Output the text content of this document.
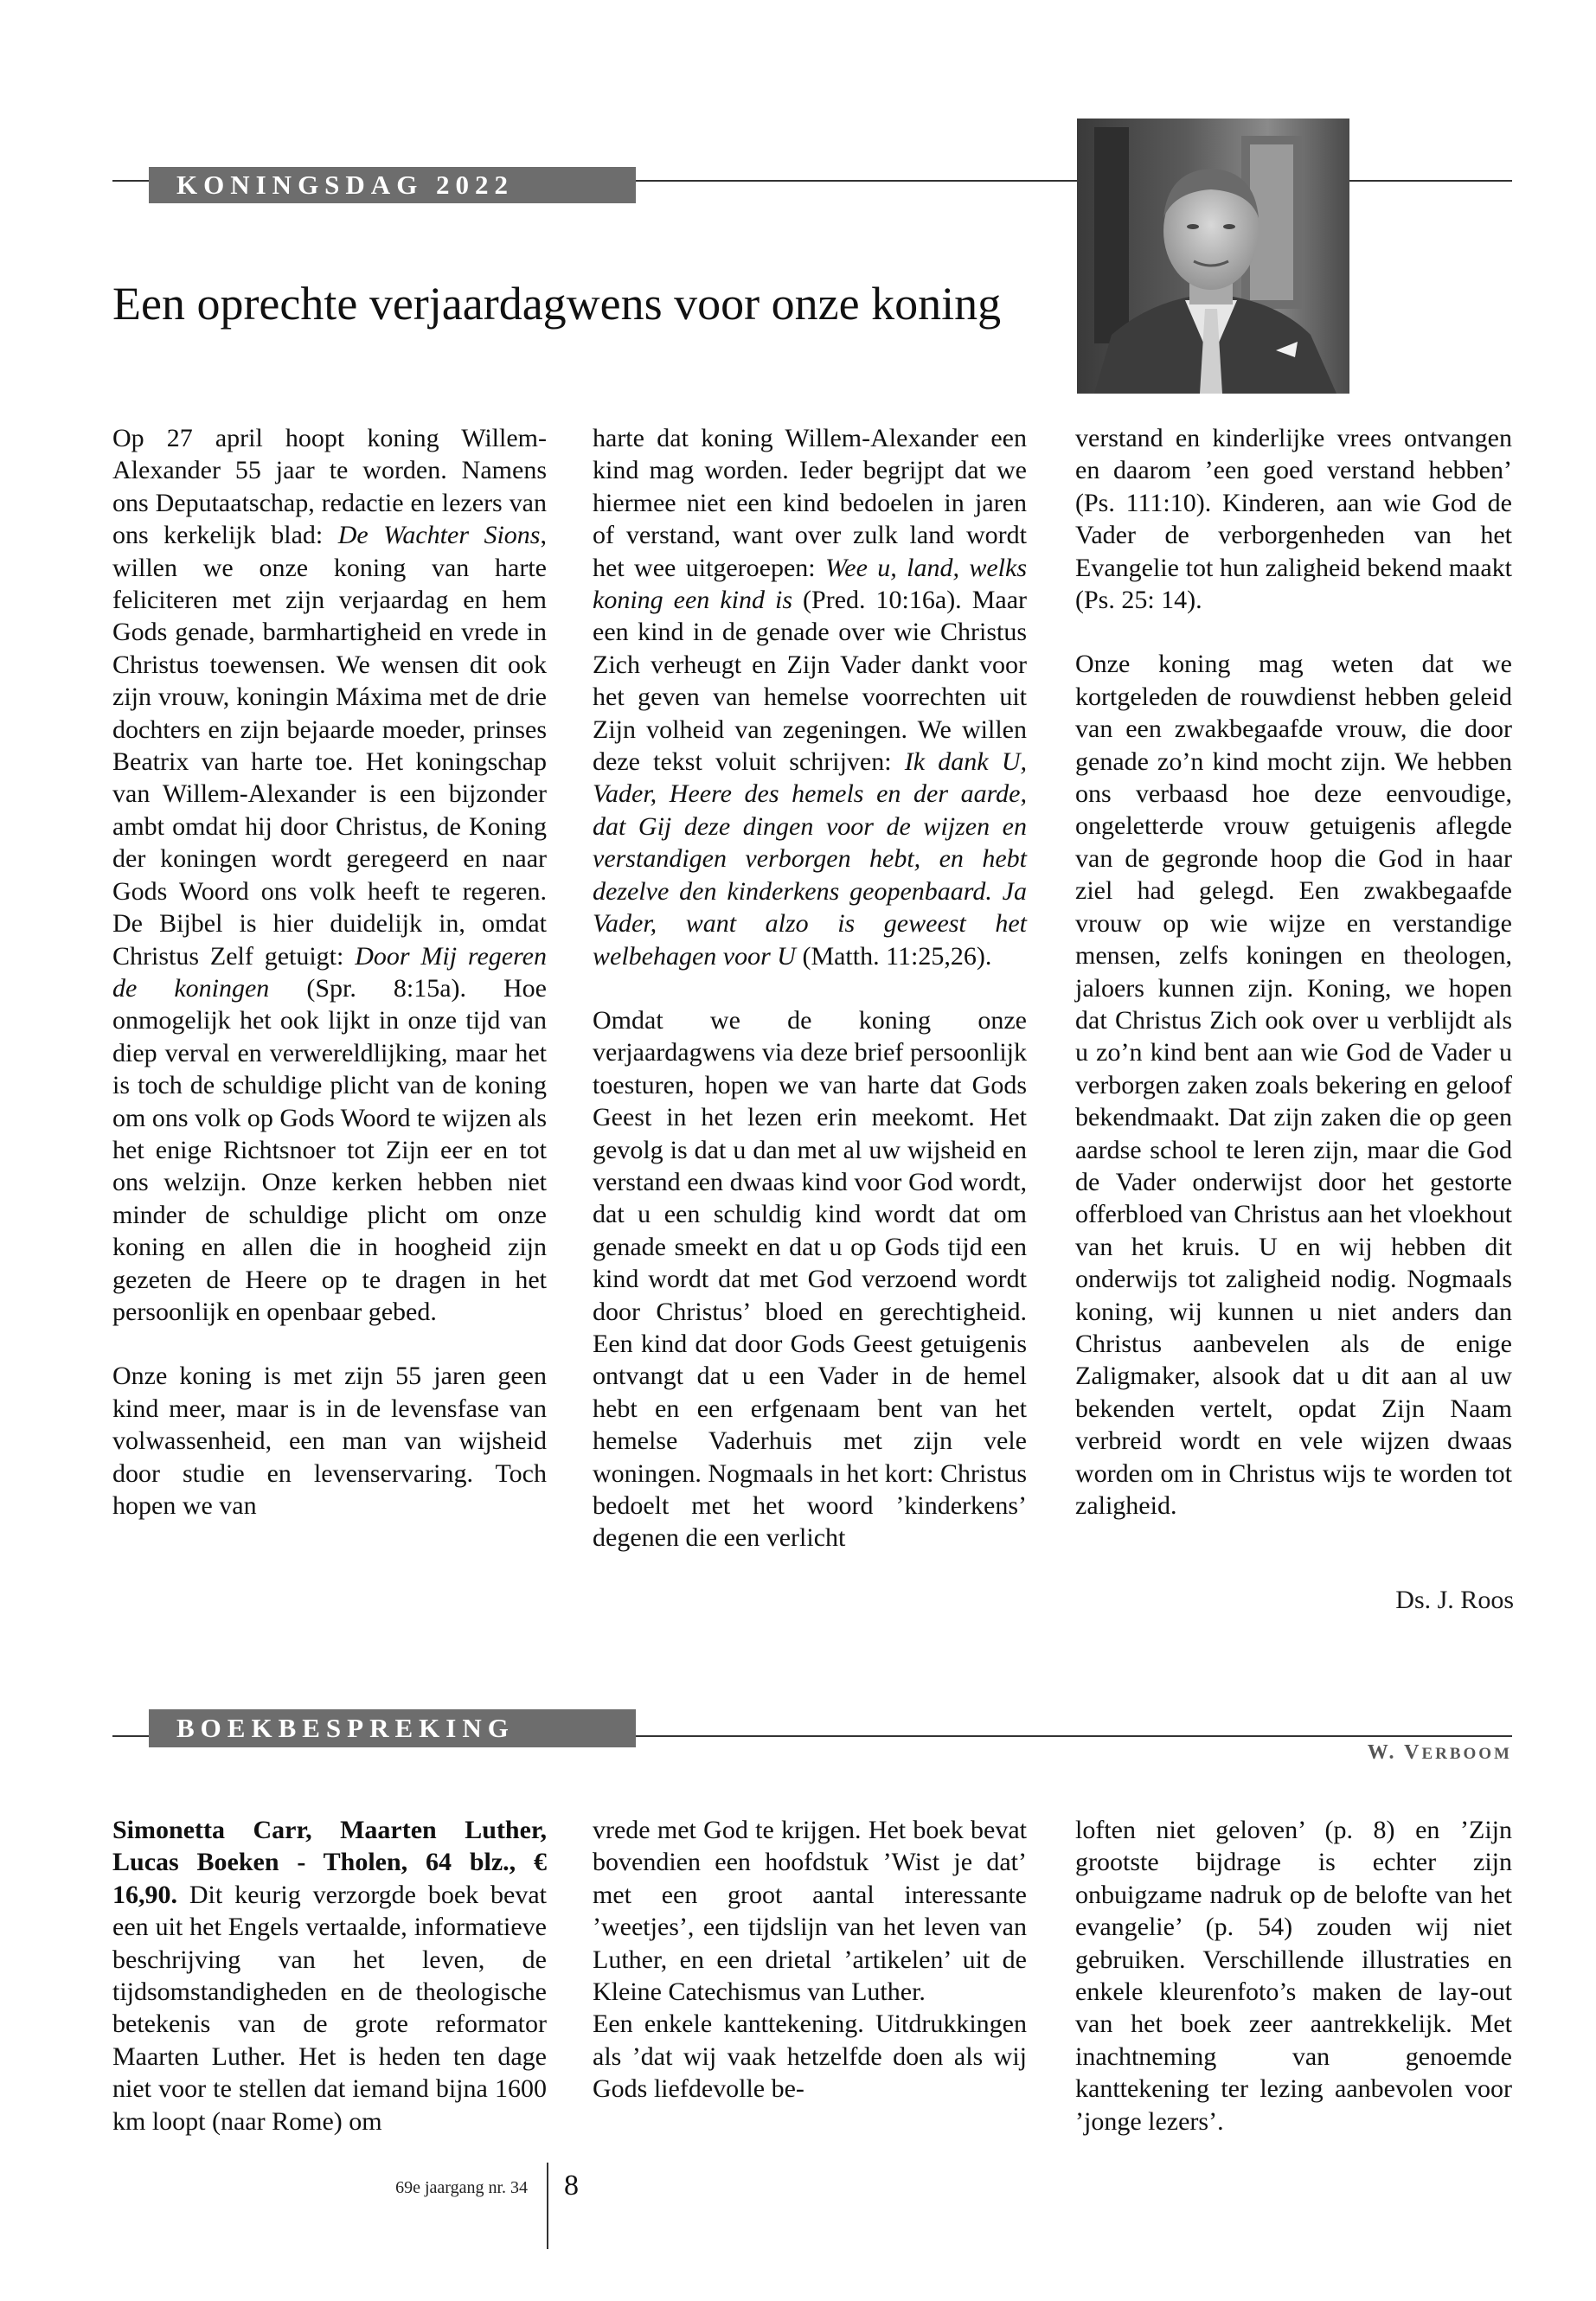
KONINGSDAG 2022
Een oprechte verjaardagwens voor onze koning

Op 27 april hoopt koning Willem-Alexander 55 jaar te worden. Namens ons Deputaatschap, redactie en lezers van ons kerkelijk blad: De Wachter Sions, willen we onze koning van harte feliciteren met zijn verjaardag en hem Gods genade, barmhartigheid en vrede in Christus toewensen. We wensen dit ook zijn vrouw, koningin Máxima met de drie dochters en zijn bejaarde moeder, prinses Beatrix van harte toe. Het koningschap van Willem-Alexander is een bijzonder ambt omdat hij door Christus, de Koning der koningen wordt geregeerd en naar Gods Woord ons volk heeft te regeren. De Bijbel is hier duidelijk in, omdat Christus Zelf getuigt: Door Mij regeren de koningen (Spr. 8:15a). Hoe onmogelijk het ook lijkt in onze tijd van diep verval en verwereldlijking, maar het is toch de schuldige plicht van de koning om ons volk op Gods Woord te wijzen als het enige Richtsnoer tot Zijn eer en tot ons welzijn. Onze kerken hebben niet minder de schuldige plicht om onze koning en allen die in hoogheid zijn gezeten de Heere op te dragen in het persoonlijk en openbaar gebed.

Onze koning is met zijn 55 jaren geen kind meer, maar is in de levensfase van volwassenheid, een man van wijsheid door studie en levenservaring. Toch hopen we van

harte dat koning Willem-Alexander een kind mag worden. Ieder begrijpt dat we hiermee niet een kind bedoelen in jaren of verstand, want over zulk land wordt het wee uitgeroepen: Wee u, land, welks koning een kind is (Pred. 10:16a). Maar een kind in de genade over wie Christus Zich verheugt en Zijn Vader dankt voor het geven van hemelse voorrechten uit Zijn volheid van zegeningen. We willen deze tekst voluit schrijven: Ik dank U, Vader, Heere des hemels en der aarde, dat Gij deze dingen voor de wijzen en verstandigen verborgen hebt, en hebt dezelve den kinderkens geopenbaard. Ja Vader, want alzo is geweest het welbehagen voor U (Matth. 11:25,26).

Omdat we de koning onze verjaardagwens via deze brief persoonlijk toesturen, hopen we van harte dat Gods Geest in het lezen erin meekomt. Het gevolg is dat u dan met al uw wijsheid en verstand een dwaas kind voor God wordt, dat u een schuldig kind wordt dat om genade smeekt en dat u op Gods tijd een kind wordt dat met God verzoend wordt door Christus’ bloed en gerechtigheid. Een kind dat door Gods Geest getuigenis ontvangt dat u een Vader in de hemel hebt en een erfgenaam bent van het hemelse Vaderhuis met zijn vele woningen. Nogmaals in het kort: Christus bedoelt met het woord ’kinderkens’ degenen die een verlicht

verstand en kinderlijke vrees ontvangen en daarom ’een goed verstand hebben’ (Ps. 111:10). Kinderen, aan wie God de Vader de verborgenheden van het Evangelie tot hun zaligheid bekend maakt (Ps. 25: 14).

Onze koning mag weten dat we kortgeleden de rouwdienst hebben geleid van een zwakbegaafde vrouw, die door genade zo’n kind mocht zijn. We hebben ons verbaasd hoe deze eenvoudige, ongeletterde vrouw getuigenis aflegde van de gegronde hoop die God in haar ziel had gelegd. Een zwakbegaafde vrouw op wie wijze en verstandige mensen, zelfs koningen en theologen, jaloers kunnen zijn. Koning, we hopen dat Christus Zich ook over u verblijdt als u zo’n kind bent aan wie God de Vader u verborgen zaken zoals bekering en geloof bekendmaakt. Dat zijn zaken die op geen aardse school te leren zijn, maar die God de Vader onderwijst door het gestorte offerbloed van Christus aan het vloekhout van het kruis. U en wij hebben dit onderwijs tot zaligheid nodig. Nogmaals koning, wij kunnen u niet anders dan Christus aanbevelen als de enige Zaligmaker, alsook dat u dit aan al uw bekenden vertelt, opdat Zijn Naam verbreid wordt en vele wijzen dwaas worden om in Christus wijs te worden tot zaligheid.

Ds. J. Roos
BOEKBESPREKING
W. VERBOOM

Simonetta Carr, Maarten Luther, Lucas Boeken - Tholen, 64 blz., € 16,90. Dit keurig verzorgde boek bevat een uit het Engels vertaalde, informatieve beschrijving van het leven, de tijdsomstandigheden en de theologische betekenis van de grote reformator Maarten Luther. Het is heden ten dage niet voor te stellen dat iemand bijna 1600 km loopt (naar Rome) om

vrede met God te krijgen. Het boek bevat bovendien een hoofdstuk ’Wist je dat’ met een groot aantal interessante ’weetjes’, een tijdslijn van het leven van Luther, en een drietal ’artikelen’ uit de Kleine Catechismus van Luther.

Een enkele kanttekening. Uitdrukkingen als ’dat wij vaak hetzelfde doen als wij Gods liefdevolle be-

loften niet geloven’ (p. 8) en ’Zijn grootste bijdrage is echter zijn onbuigzame nadruk op de belofte van het evangelie’ (p. 54) zouden wij niet gebruiken. Verschillende illustraties en enkele kleurenfoto’s maken de lay-out van het boek zeer aantrekkelijk. Met inachtneming van genoemde kanttekening ter lezing aanbevolen voor ’jonge lezers’.

69e jaargang nr. 34 8
